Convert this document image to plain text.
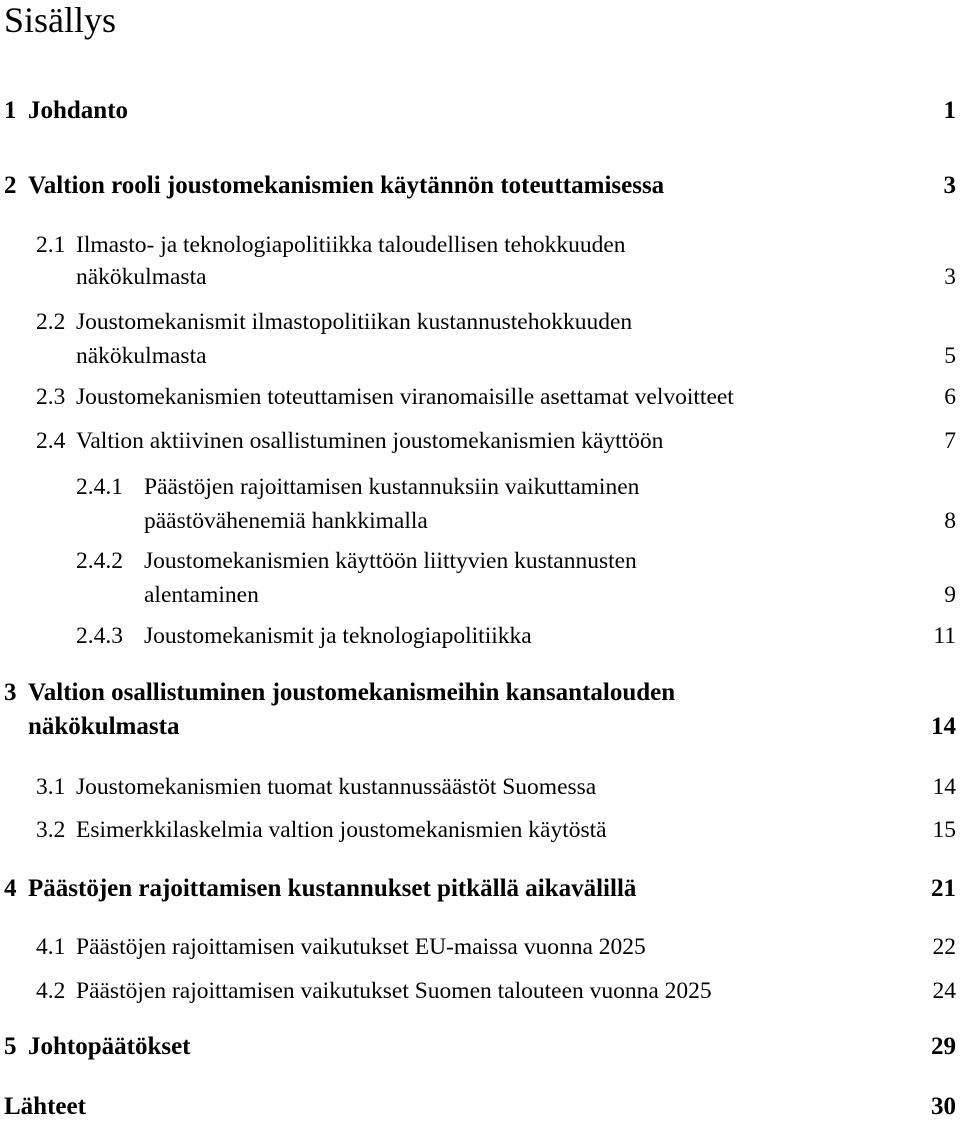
Sisällys
1 Johdanto	1
2 Valtion rooli joustomekanismien käytännön toteuttamisessa	3
2.1 Ilmasto- ja teknologiapolitiikka taloudellisen tehokkuuden
näkökulmasta	3
2.2 Joustomekanismit ilmastopolitiikan kustannustehokkuuden
näkökulmasta	5
2.3 Joustomekanismien toteuttamisen viranomaisille asettamat velvoitteet	6
2.4 Valtion aktiivinen osallistuminen joustomekanismien käyttöön	7
2.4.1 Päästöjen rajoittamisen kustannuksiin vaikuttaminen
päästövähenemiä hankkimalla	8
2.4.2 Joustomekanismien käyttöön liittyvien kustannusten
alentaminen	9
2.4.3 Joustomekanismit ja teknologiapolitiikka	11
3 Valtion osallistuminen joustomekanismeihin kansantalouden
näkökulmasta	14
3.1 Joustomekanismien tuomat kustannussäästöt Suomessa	14
3.2 Esimerkkilaskelmia valtion joustomekanismien käytöstä	15
4 Päästöjen rajoittamisen kustannukset pitkällä aikavälillä	21
4.1 Päästöjen rajoittamisen vaikutukset EU-maissa vuonna 2025	22
4.2 Päästöjen rajoittamisen vaikutukset Suomen talouteen vuonna 2025	24
5 Johtopäätökset	29
Lähteet	30
